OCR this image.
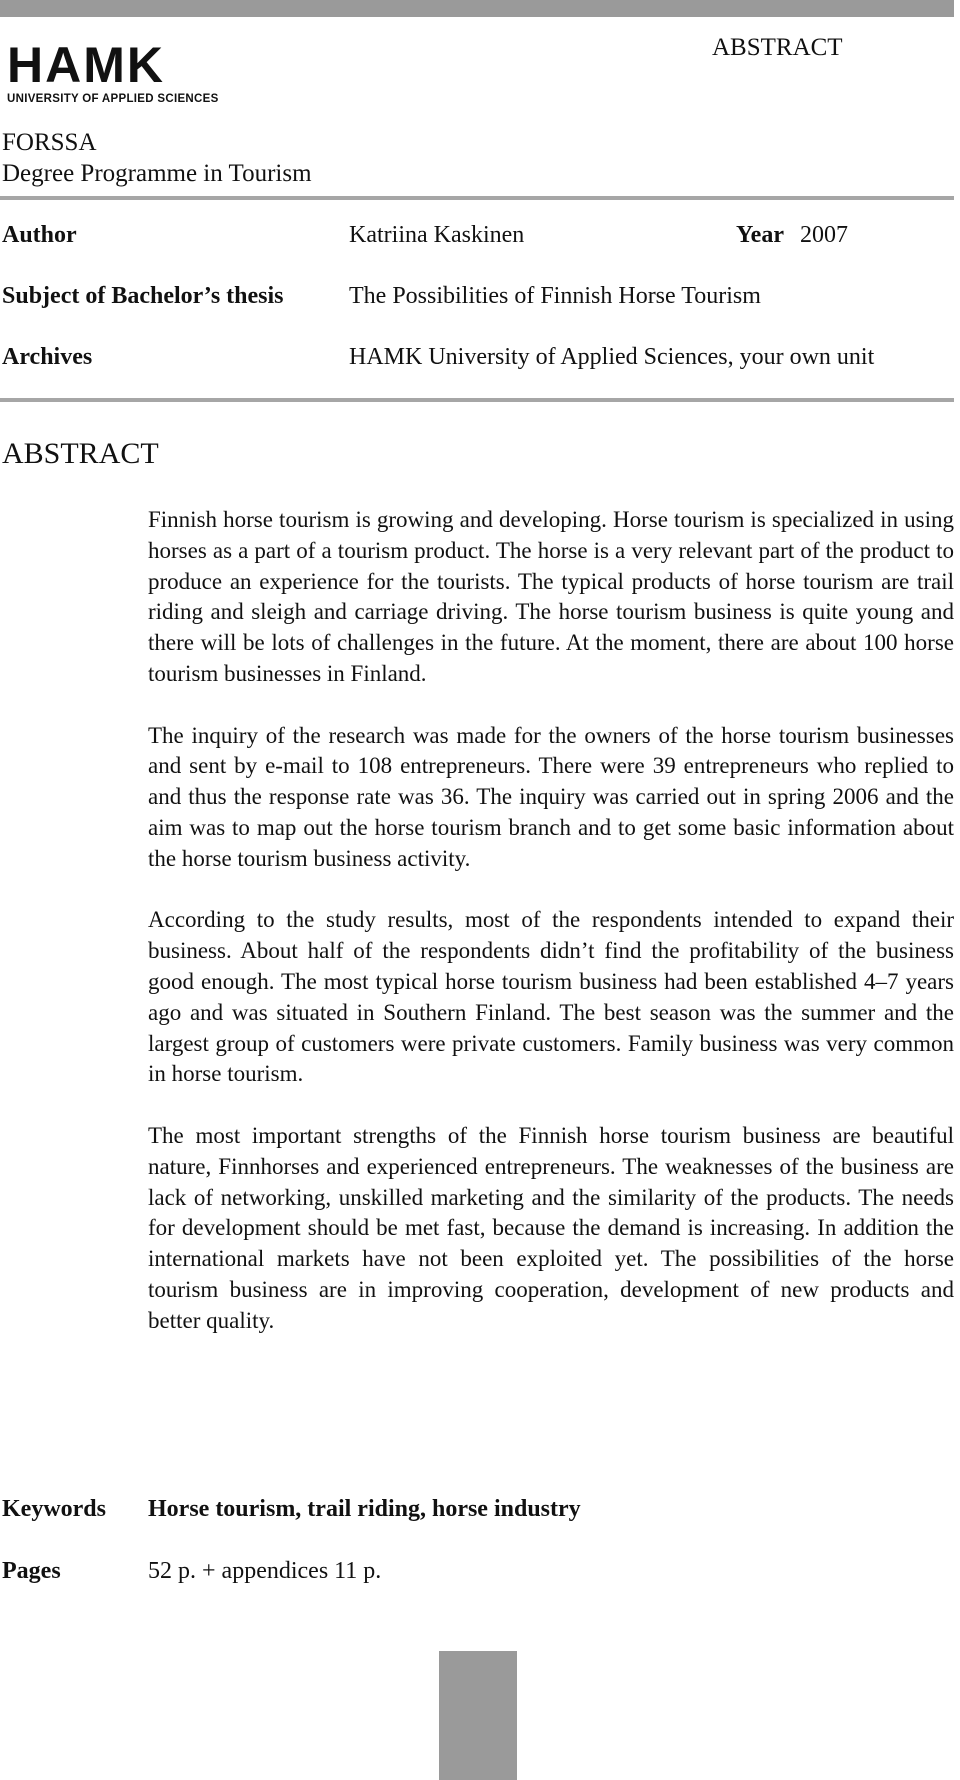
HAMK
UNIVERSITY OF APPLIED SCIENCES
ABSTRACT
FORSSA
Degree Programme in Tourism
Author	Katriina Kaskinen	Year 2007
Subject of Bachelor’s thesis	The Possibilities of Finnish Horse Tourism
Archives	HAMK University of Applied Sciences, your own unit
ABSTRACT

Finnish horse tourism is growing and developing. Horse tourism is specialized in using horses as a part of a tourism product. The horse is a very relevant part of the product to produce an experience for the tourists. The typical products of horse tourism are trail riding and sleigh and carriage driving. The horse tourism business is quite young and there will be lots of challenges in the future. At the moment, there are about 100 horse tourism businesses in Finland.

The inquiry of the research was made for the owners of the horse tourism businesses and sent by e-mail to 108 entrepreneurs. There were 39 entrepreneurs who replied to and thus the response rate was 36. The inquiry was carried out in spring 2006 and the aim was to map out the horse tourism branch and to get some basic information about the horse tourism business activity.

According to the study results, most of the respondents intended to expand their business. About half of the respondents didn’t find the profitability of the business good enough. The most typical horse tourism business had been established 4–7 years ago and was situated in Southern Finland. The best season was the summer and the largest group of customers were private customers. Family business was very common in horse tourism.

The most important strengths of the Finnish horse tourism business are beautiful nature, Finnhorses and experienced entrepreneurs. The weaknesses of the business are lack of networking, unskilled marketing and the similarity of the products. The needs for development should be met fast, because the demand is increasing. In addition the international markets have not been exploited yet. The possibilities of the horse tourism business are in improving cooperation, development of new products and better quality.

Keywords Horse tourism, trail riding, horse industry
Pages	52 p. + appendices 11 p.
